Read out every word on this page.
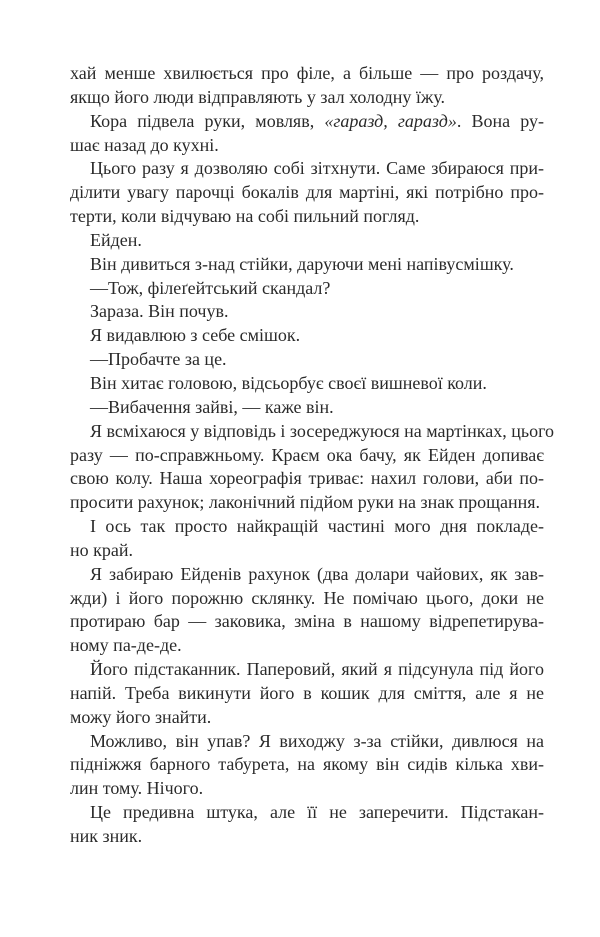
хай менше хвилюється про філе, а більше — про роздачу,
якщо його люди відправляють у зал холодну їжу.
Кора підвела руки, мовляв, «гаразд, гаразд». Вона ру-
шає назад до кухні.
Цього разу я дозволяю собі зітхнути. Саме збираюся при-
ділити увагу парочці бокалів для мартіні, які потрібно про-
терти, коли відчуваю на собі пильний погляд.
Ейден.
Він дивиться з-над стійки, даруючи мені напівусмішку.
—Тож, філеґейтський скандал?
Зараза. Він почув.
Я видавлюю з себе смішок.
—Пробачте за це.
Він хитає головою, відсьорбує своєї вишневої коли.
—Вибачення зайві, — каже він.
Я всміхаюся у відповідь і зосереджуюся на мартінках, цього
разу — по-справжньому. Краєм ока бачу, як Ейден допиває
свою колу. Наша хореографія триває: нахил голови, аби по-
просити рахунок; лаконічний підйом руки на знак прощання.
І ось так просто найкращій частині мого дня покладе-
но край.
Я забираю Ейденів рахунок (два долари чайових, як зав-
жди) і його порожню склянку. Не помічаю цього, доки не
протираю бар — заковика, зміна в нашому відрепетирува-
ному па-де-де.
Його підстаканник. Паперовий, який я підсунула під його
напій. Треба викинути його в кошик для сміття, але я не
можу його знайти.
Можливо, він упав? Я виходжу з-за стійки, дивлюся на
підніжжя барного табурета, на якому він сидів кілька хви-
лин тому. Нічого.
Це предивна штука, але її не заперечити. Підстакан-
ник зник.
